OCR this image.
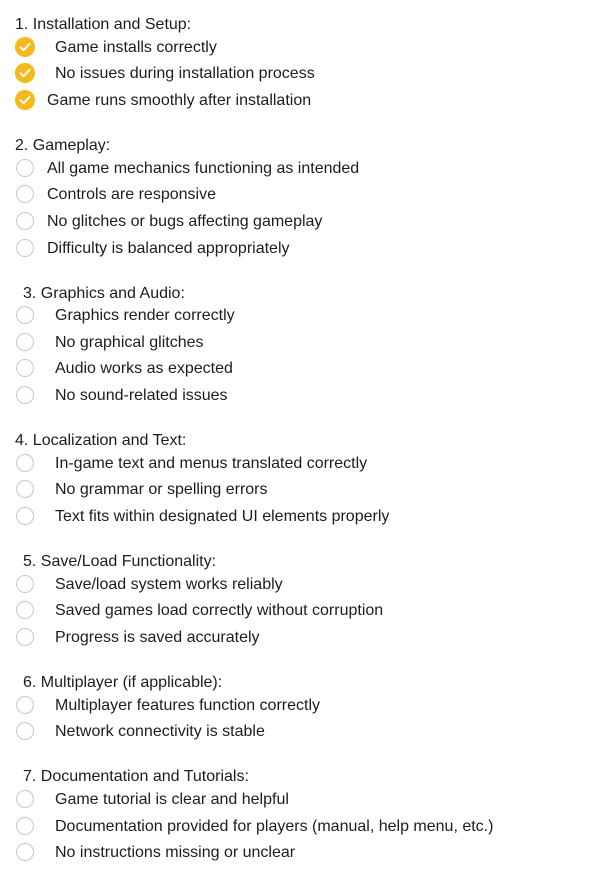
1. Installation and Setup:
Game installs correctly
No issues during installation process
Game runs smoothly after installation
2. Gameplay:
All game mechanics functioning as intended
Controls are responsive
No glitches or bugs affecting gameplay
Difficulty is balanced appropriately
3. Graphics and Audio:
Graphics render correctly
No graphical glitches
Audio works as expected
No sound-related issues
4. Localization and Text:
In-game text and menus translated correctly
No grammar or spelling errors
Text fits within designated UI elements properly
5. Save/Load Functionality:
Save/load system works reliably
Saved games load correctly without corruption
Progress is saved accurately
6. Multiplayer (if applicable):
Multiplayer features function correctly
Network connectivity is stable
7. Documentation and Tutorials:
Game tutorial is clear and helpful
Documentation provided for players (manual, help menu, etc.)
No instructions missing or unclear
